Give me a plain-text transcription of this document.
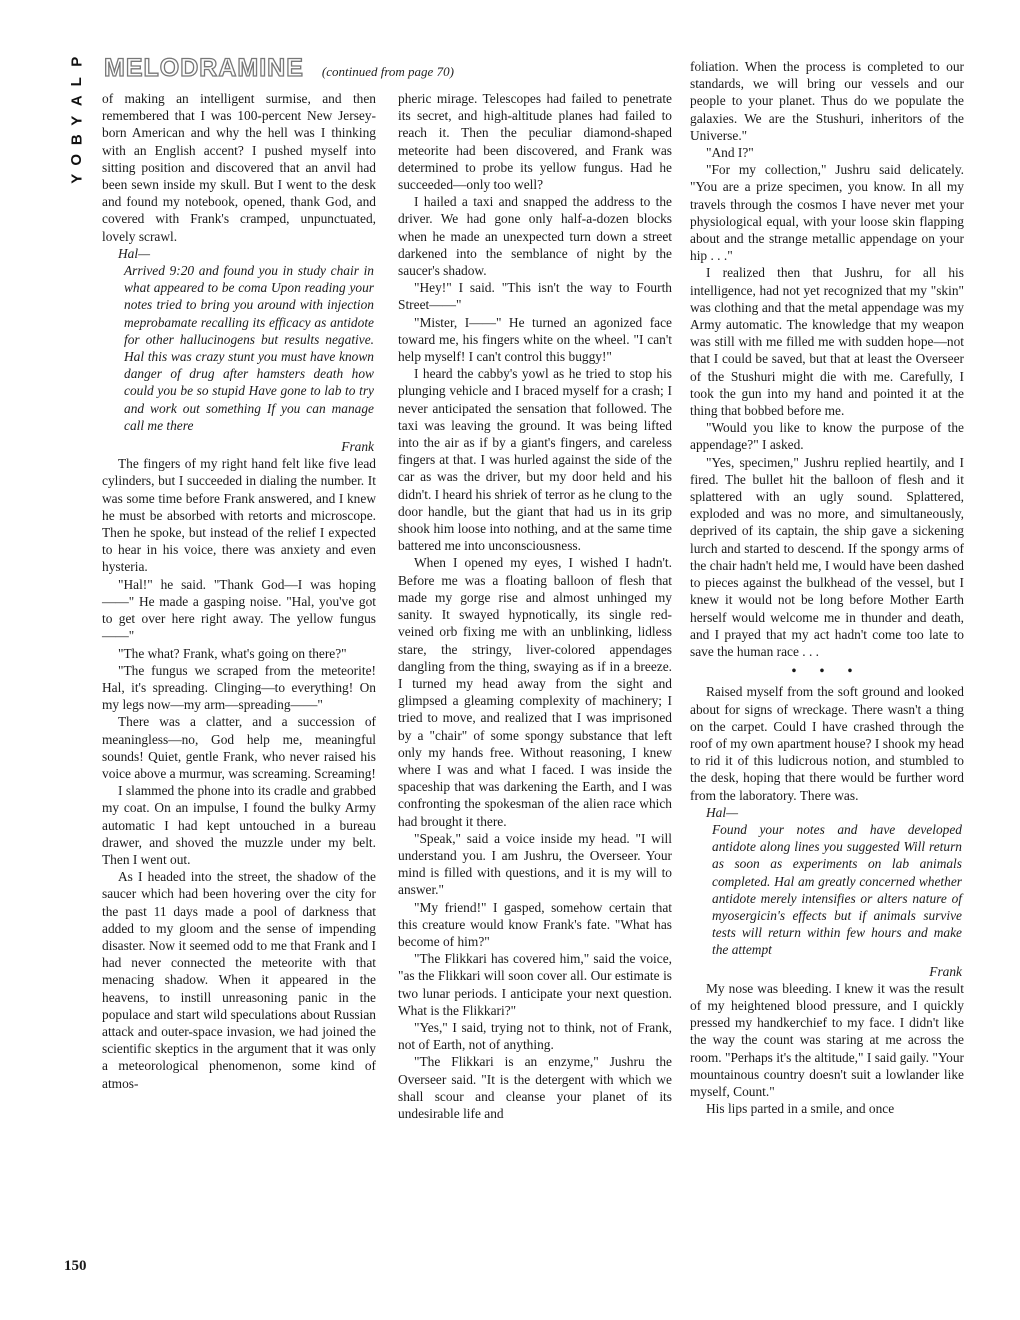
P
L
A
Y
B
O
Y
MELODRAMINE (continued from page 70)

of making an intelligent surmise, and then remembered that I was 100-percent New Jersey-born American and why the hell was I thinking with an English accent? I pushed myself into sitting position and discovered that an anvil had been sewn inside my skull. But I went to the desk and found my notebook, opened, thank God, and covered with Frank's cramped, unpunctuated, lovely scrawl.

Hal—

Arrived 9:20 and found you in study chair in what appeared to be coma Upon reading your notes tried to bring you around with injection meprobamate recalling its efficacy as antidote for other hallucinogens but results negative. Hal this was crazy stunt you must have known danger of drug after hamsters death how could you be so stupid Have gone to lab to try and work out something If you can manage call me there

Frank

The fingers of my right hand felt like five lead cylinders, but I succeeded in dialing the number. It was some time before Frank answered, and I knew he must be absorbed with retorts and microscope. Then he spoke, but instead of the relief I expected to hear in his voice, there was anxiety and even hysteria.

"Hal!" he said. "Thank God—I was hoping——" He made a gasping noise. "Hal, you've got to get over here right away. The yellow fungus——"

"The what? Frank, what's going on there?"

"The fungus we scraped from the meteorite! Hal, it's spreading. Clinging—to everything! On my legs now—my arm—spreading——"

There was a clatter, and a succession of meaningless—no, God help me, meaningful sounds! Quiet, gentle Frank, who never raised his voice above a murmur, was screaming. Screaming!

I slammed the phone into its cradle and grabbed my coat. On an impulse, I found the bulky Army automatic I had kept untouched in a bureau drawer, and shoved the muzzle under my belt. Then I went out.

As I headed into the street, the shadow of the saucer which had been hovering over the city for the past 11 days made a pool of darkness that added to my gloom and the sense of impending disaster. Now it seemed odd to me that Frank and I had never connected the meteorite with that menacing shadow. When it appeared in the heavens, to instill unreasoning panic in the populace and start wild speculations about Russian attack and outer-space invasion, we had joined the scientific skeptics in the argument that it was only a meteorological phenomenon, some kind of atmos-

pheric mirage. Telescopes had failed to penetrate its secret, and high-altitude planes had failed to reach it. Then the peculiar diamond-shaped meteorite had been discovered, and Frank was determined to probe its yellow fungus. Had he succeeded—only too well?

I hailed a taxi and snapped the address to the driver. We had gone only half-a-dozen blocks when he made an unexpected turn down a street darkened into the semblance of night by the saucer's shadow.

"Hey!" I said. "This isn't the way to Fourth Street——"

"Mister, I——" He turned an agonized face toward me, his fingers white on the wheel. "I can't help myself! I can't control this buggy!"

I heard the cabby's yowl as he tried to stop his plunging vehicle and I braced myself for a crash; I never anticipated the sensation that followed. The taxi was leaving the ground. It was being lifted into the air as if by a giant's fingers, and careless fingers at that. I was hurled against the side of the car as was the driver, but my door held and his didn't. I heard his shriek of terror as he clung to the door handle, but the giant that had us in its grip shook him loose into nothing, and at the same time battered me into unconsciousness.

When I opened my eyes, I wished I hadn't. Before me was a floating balloon of flesh that made my gorge rise and almost unhinged my sanity. It swayed hypnotically, its single red-veined orb fixing me with an unblinking, lidless stare, the stringy, liver-colored appendages dangling from the thing, swaying as if in a breeze. I turned my head away from the sight and glimpsed a gleaming complexity of machinery; I tried to move, and realized that I was imprisoned by a "chair" of some spongy substance that left only my hands free. Without reasoning, I knew where I was and what I faced. I was inside the spaceship that was darkening the Earth, and I was confronting the spokesman of the alien race which had brought it there.

"Speak," said a voice inside my head. "I will understand you. I am Jushru, the Overseer. Your mind is filled with questions, and it is my will to answer."

"My friend!" I gasped, somehow certain that this creature would know Frank's fate. "What has become of him?"

"The Flikkari has covered him," said the voice, "as the Flikkari will soon cover all. Our estimate is two lunar periods. I anticipate your next question. What is the Flikkari?"

"Yes," I said, trying not to think, not of Frank, not of Earth, not of anything.

"The Flikkari is an enzyme," Jushru the Overseer said. "It is the detergent with which we shall scour and cleanse your planet of its undesirable life and

foliation. When the process is completed to our standards, we will bring our vessels and our people to your planet. Thus do we populate the galaxies. We are the Stushuri, inheritors of the Universe."

"And I?"

"For my collection," Jushru said delicately. "You are a prize specimen, you know. In all my travels through the cosmos I have never met your physiological equal, with your loose skin flapping about and the strange metallic appendage on your hip . . ."

I realized then that Jushru, for all his intelligence, had not yet recognized that my "skin" was clothing and that the metal appendage was my Army automatic. The knowledge that my weapon was still with me filled me with sudden hope—not that I could be saved, but that at least the Overseer of the Stushuri might die with me. Carefully, I took the gun into my hand and pointed it at the thing that bobbed before me.

"Would you like to know the purpose of the appendage?" I asked.

"Yes, specimen," Jushru replied heartily, and I fired. The bullet hit the balloon of flesh and it splattered with an ugly sound. Splattered, exploded and was no more, and simultaneously, deprived of its captain, the ship gave a sickening lurch and started to descend. If the spongy arms of the chair hadn't held me, I would have been dashed to pieces against the bulkhead of the vessel, but I knew it would not be long before Mother Earth herself would welcome me in thunder and death, and I prayed that my act hadn't come too late to save the human race . . .

• • •

Raised myself from the soft ground and looked about for signs of wreckage. There wasn't a thing on the carpet. Could I have crashed through the roof of my own apartment house? I shook my head to rid it of this ludicrous notion, and stumbled to the desk, hoping that there would be further word from the laboratory. There was.

Hal—

Found your notes and have developed antidote along lines you suggested Will return as soon as experiments on lab animals completed. Hal am greatly concerned whether antidote merely intensifies or alters nature of myosergicin's effects but if animals survive tests will return within few hours and make the attempt

Frank

My nose was bleeding. I knew it was the result of my heightened blood pressure, and I quickly pressed my handkerchief to my face. I didn't like the way the count was staring at me across the room. "Perhaps it's the altitude," I said gaily. "Your mountainous country doesn't suit a lowlander like myself, Count."

His lips parted in a smile, and once

150
